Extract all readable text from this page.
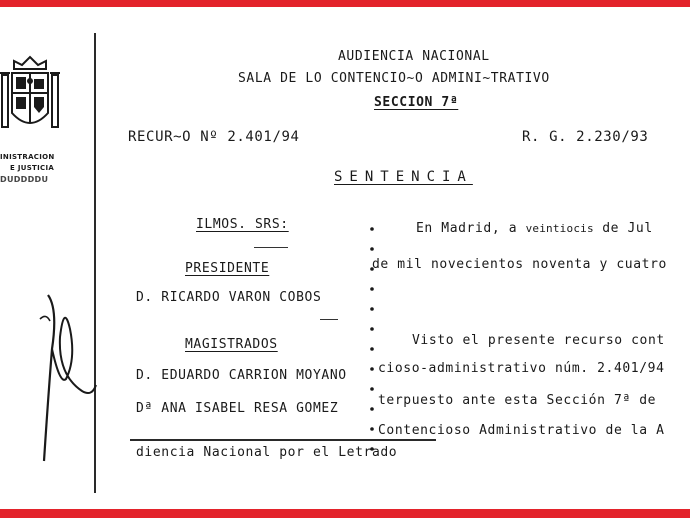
INISTRACION
E JUSTICIA
DUDDDDU
AUDIENCIA NACIONAL
SALA DE LO CONTENCIO~O ADMINI~TRATIVO
SECCION 7ª
RECUR~O Nº 2.401/94	R. G. 2.230/93
SENTENCIA
ILMOS. SRS:
PRESIDENTE
D. RICARDO VARON COBOS
MAGISTRADOS
D. EDUARDO CARRION MOYANO
Dª ANA ISABEL RESA GOMEZ
En Madrid, a veintiocis de Jul
de mil novecientos noventa y cuatro
Visto el presente recurso cont
cioso-administrativo núm. 2.401/94
terpuesto ante esta Sección 7ª de
Contencioso Administrativo de la A
diencia Nacional por el Letrado
